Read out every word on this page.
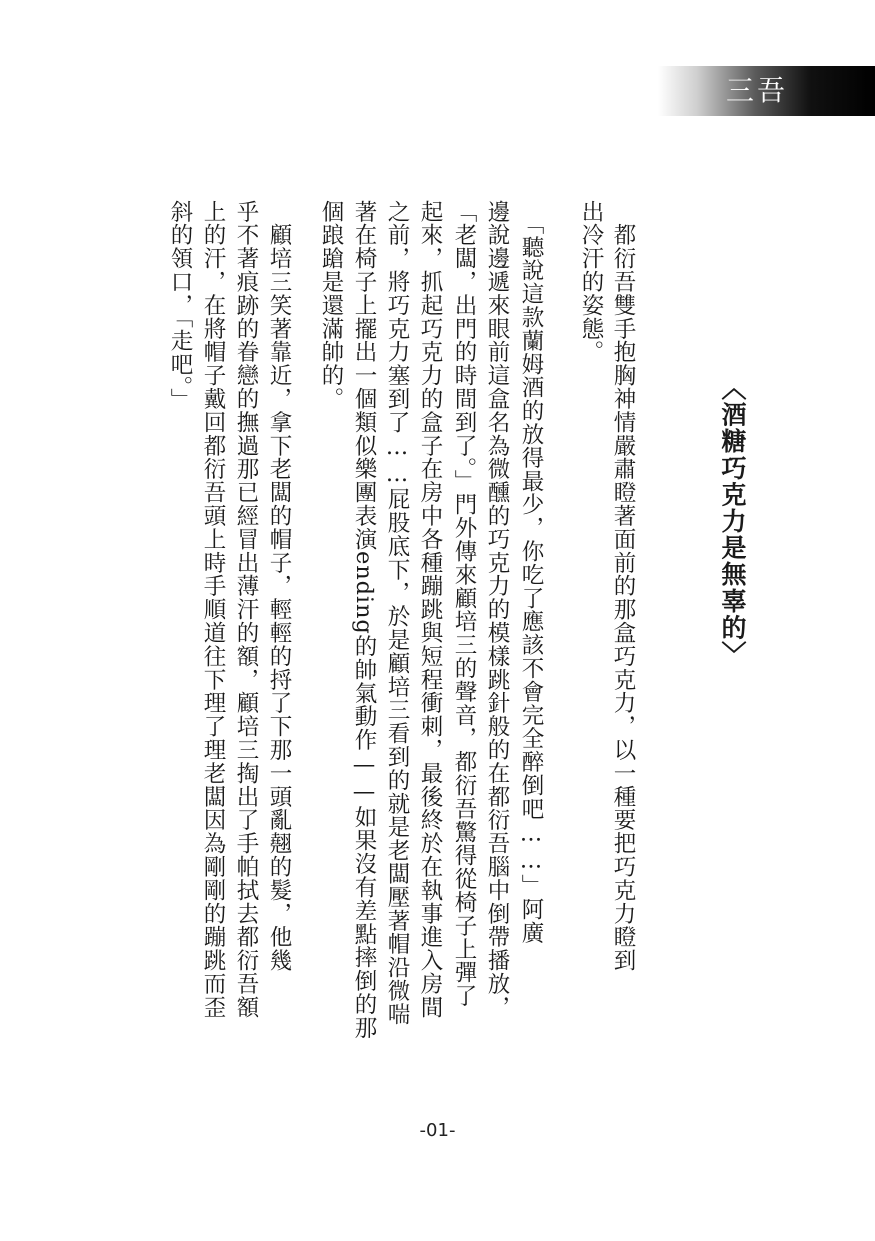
三吾
〈酒糖巧克力是無辜的〉
　都衍吾雙手抱胸神情嚴肅瞪著面前的那盒巧克力，以一種要把巧克力瞪到
出冷汗的姿態。
　「聽說這款蘭姆酒的放得最少，你吃了應該不會完全醉倒吧……」阿廣
邊說邊遞來眼前這盒名為微醺的巧克力的模樣跳針般的在都衍吾腦中倒帶播放，
「老闆，出門的時間到了。」門外傳來顧培三的聲音，都衍吾驚得從椅子上彈了
起來，抓起巧克力的盒子在房中各種蹦跳與短程衝刺，最後終於在執事進入房間
之前，將巧克力塞到了……屁股底下，於是顧培三看到的就是老闆壓著帽沿微喘
著在椅子上擺出一個類似樂團表演ending的帥氣動作——如果沒有差點摔倒的那
個踉蹌是還滿帥的。
　顧培三笑著靠近，拿下老闆的帽子，輕輕的捋了下那一頭亂翹的髮，他幾
乎不著痕跡的眷戀的撫過那已經冒出薄汗的額，顧培三掏出了手帕拭去都衍吾額
上的汗，在將帽子戴回都衍吾頭上時手順道往下理了理老闆因為剛剛的蹦跳而歪
斜的領口，「走吧。」
-01-
